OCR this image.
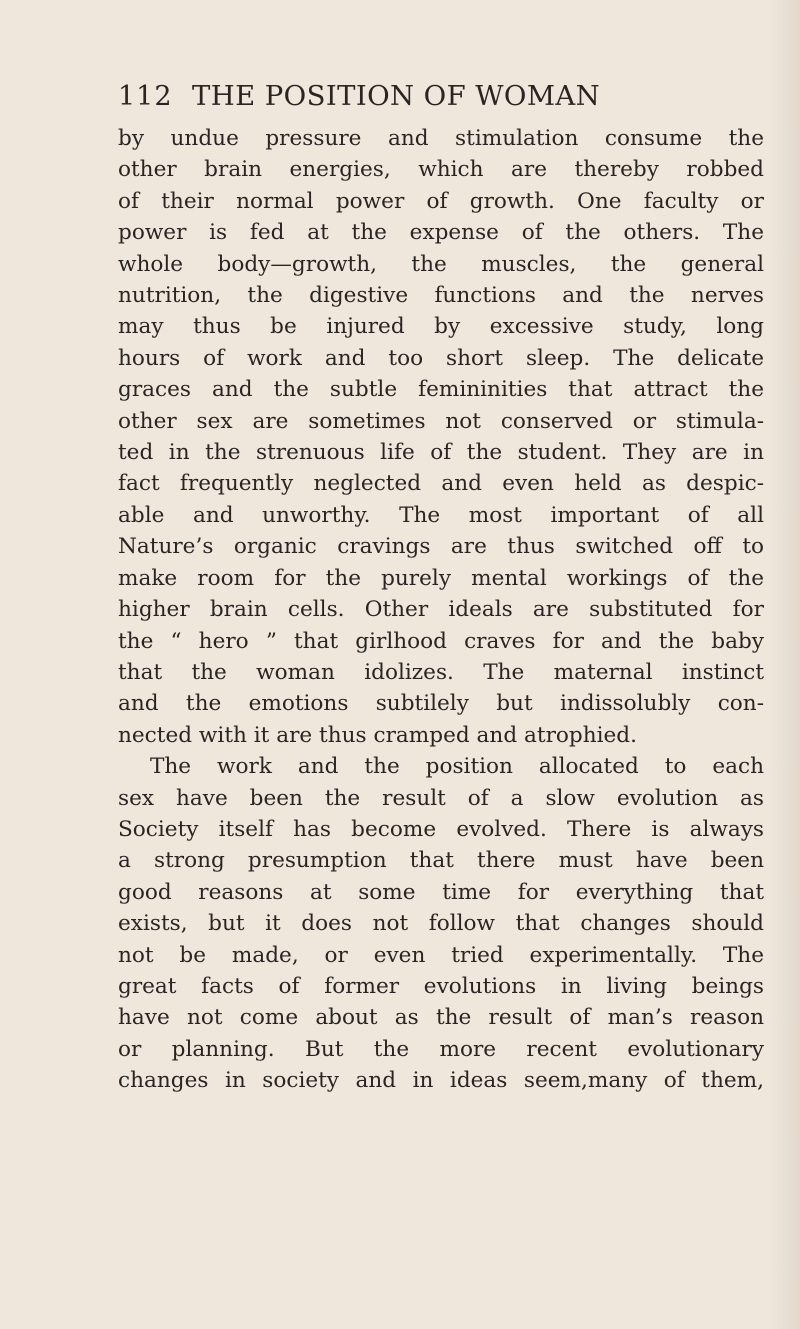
112 THE POSITION OF WOMAN
by undue pressure and stimulation consume the
other brain energies, which are thereby robbed
of their normal power of growth. One faculty or
power is fed at the expense of the others. The
whole body—growth, the muscles, the general
nutrition, the digestive functions and the nerves
may thus be injured by excessive study, long
hours of work and too short sleep. The delicate
graces and the subtle femininities that attract the
other sex are sometimes not conserved or stimula-
ted in the strenuous life of the student. They are in
fact frequently neglected and even held as despic-
able and unworthy. The most important of all
Nature’s organic cravings are thus switched off to
make room for the purely mental workings of the
higher brain cells. Other ideals are substituted for
the “ hero ” that girlhood craves for and the baby
that the woman idolizes. The maternal instinct
and the emotions subtilely but indissolubly con-
nected with it are thus cramped and atrophied.
The work and the position allocated to each
sex have been the result of a slow evolution as
Society itself has become evolved. There is always
a strong presumption that there must have been
good reasons at some time for everything that
exists, but it does not follow that changes should
not be made, or even tried experimentally. The
great facts of former evolutions in living beings
have not come about as the result of man’s reason
or planning. But the more recent evolutionary
changes in society and in ideas seem,many of them,
